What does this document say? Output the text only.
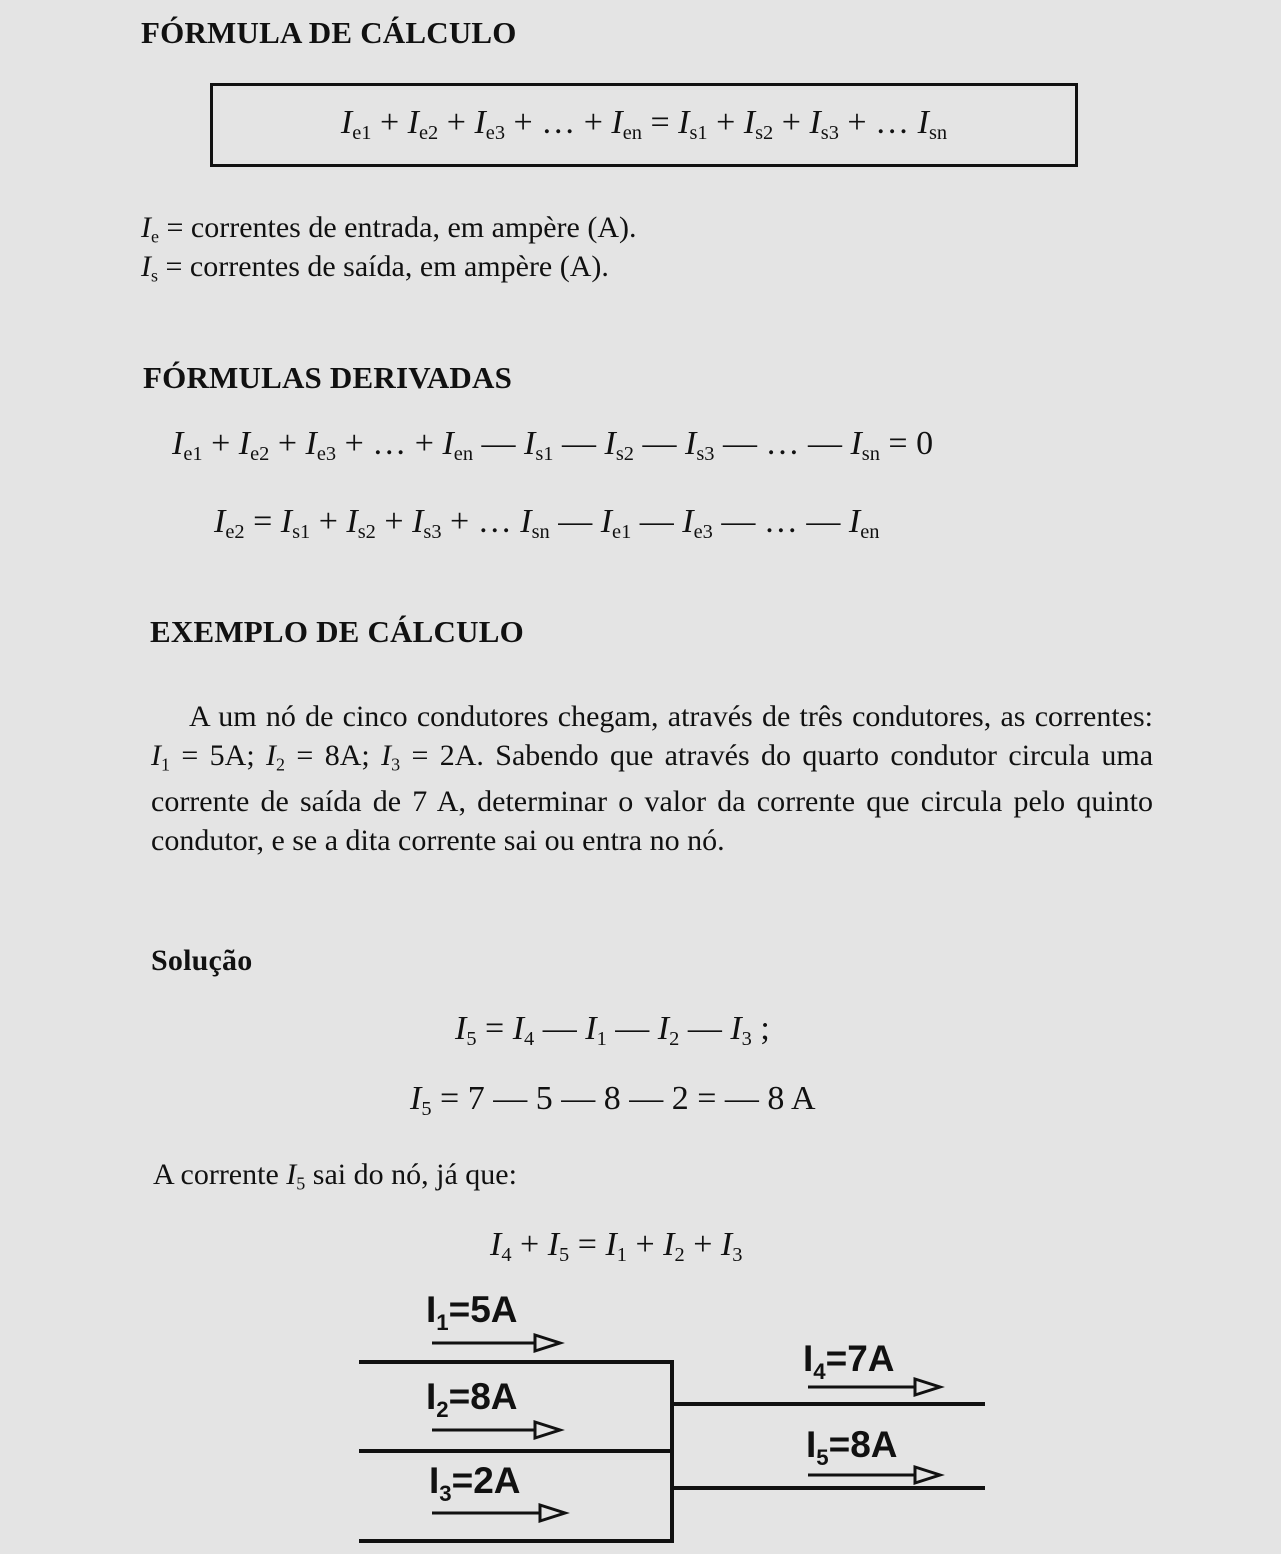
FÓRMULA DE CÁLCULO
$I_{e1} + I_{e2} + I_{e3}$ + … + $I_{en} = I_{s1} + I_{s2} + I_{s3}$ + … $I_{sn}$
$I_e$ = correntes de entrada, em ampère (A).
$I_s$ = correntes de saída, em ampère (A).
FÓRMULAS DERIVADAS
$I_{e1} + I_{e2} + I_{e3}$ + … + $I_{en}$ — $I_{s1}$ — $I_{s2}$ — $I_{s3}$ — … — $I_{sn} = 0$
$I_{e2} = I_{s1} + I_{s2} + I_{s3}$ + … $I_{sn}$ — $I_{e1}$ — $I_{e3}$ — … — $I_{en}$
EXEMPLO DE CÁLCULO
A um nó de cinco condutores chegam, através de três condutores, as correntes: $I_1 = 5A$; $I_2 = 8A$; $I_3 = 2A$. Sabendo que através do quarto condutor circula uma corrente de saída de 7 A, determinar o valor da corrente que circula pelo quinto condutor, e se a dita corrente sai ou entra no nó.
Solução
$I_5 = I_4$ — $I_1$ — $I_2$ — $I_3$ ;
$I_5 = 7$ — 5 — 8 — 2 = — 8 A
A corrente $I_5$ sai do nó, já que:
$I_4 + I_5 = I_1 + I_2 + I_3$
$I_1=5A$
$I_2=8A$
$I_3=2A$
$I_4=7A$
$I_5=8A$
